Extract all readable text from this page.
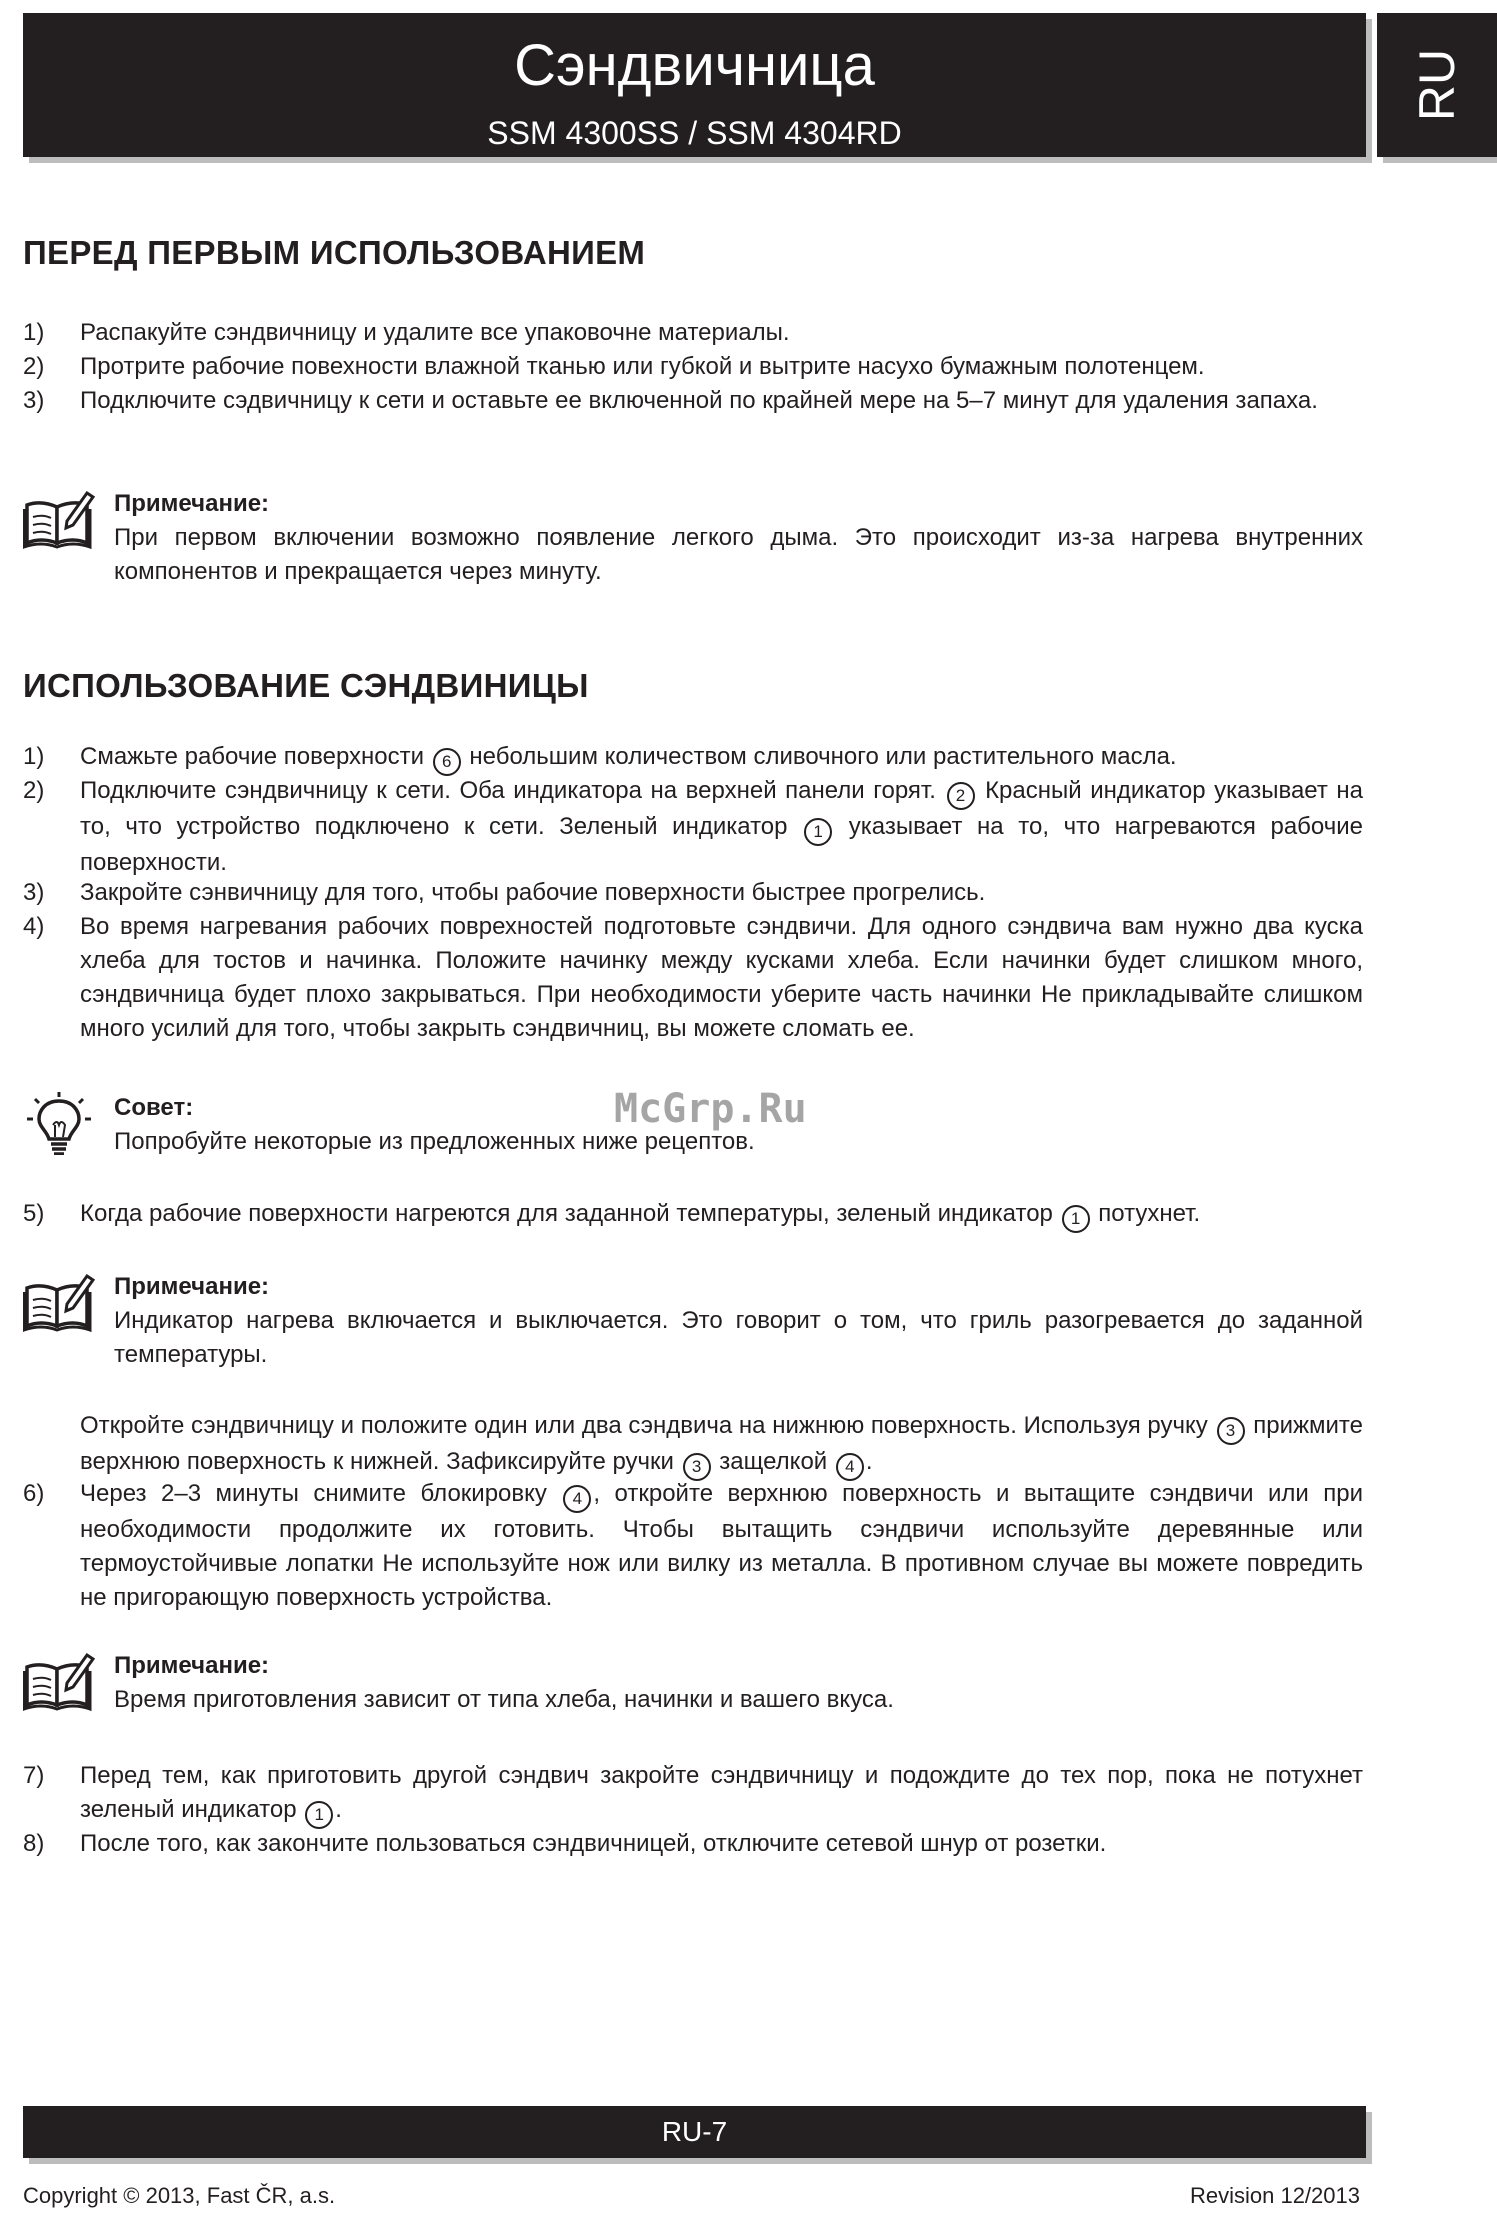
Сэндвичница
SSM 4300SS / SSM 4304RD
RU
ПЕРЕД ПЕРВЫМ ИСПОЛЬЗОВАНИЕМ
1)	Распакуйте сэндвичницу и удалите все упаковочне материалы.
2)	Протрите рабочие повехности влажной тканью или губкой и вытрите насухо бумажным полотенцем.
3)	Подключите сэдвичницу к сети и оставьте ее включенной по крайней мере на 5–7 минут для удаления запаха.
Примечание:
При первом включении возможно появление легкого дыма. Это происходит из-за нагрева внутренних компонентов и прекращается через минуту.
ИСПОЛЬЗОВАНИЕ СЭНДВИНИЦЫ
1)	Смажьте рабочие поверхности 6 небольшим количеством сливочного или растительного масла.
2)	Подключите сэндвичницу к сети. Оба индикатора на верхней панели горят. 2 Красный индикатор указывает на то, что устройство подключено к сети. Зеленый индикатор 1 указывает на то, что нагреваются рабочие поверхности.
3)	Закройте сэнвичницу для того, чтобы рабочие поверхности быстрее прогрелись.
4)	Во время нагревания рабочих поврехностей подготовьте сэндвичи. Для одного сэндвича вам нужно два куска хлеба для тостов и начинка. Положите начинку между кусками хлеба. Если начинки будет слишком много, сэндвичница будет плохо закрываться. При необходимости уберите часть начинки Не прикладывайте слишком много усилий для того, чтобы закрыть сэндвичниц, вы можете сломать ее.
Совет:
Попробуйте некоторые из предложенных ниже рецептов.
5)	Когда рабочие поверхности нагреются для заданной температуры, зеленый индикатор 1 потухнет.
Примечание:
Индикатор нагрева включается и выключается. Это говорит о том, что гриль разогревается до заданной температуры.
Откройте сэндвичницу и положите один или два сэндвича на нижнюю поверхность. Используя ручку 3 прижмите верхнюю поверхность к нижней. Зафиксируйте ручки 3 защелкой 4 .
6)	Через 2–3 минуты снимите блокировку 4 , откройте верхнюю поверхность и вытащите сэндвичи или при необходимости продолжите их готовить. Чтобы вытащить сэндвичи используйте деревянные или термоустойчивые лопатки Не используйте нож или вилку из металла. В противном случае вы можете повредить не пригорающую поверхность устройства.
Примечание:
Время приготовления зависит от типа хлеба, начинки и вашего вкуса.
7)	Перед тем, как приготовить другой сэндвич закройте сэндвичницу и подождите до тех пор, пока не потухнет зеленый индикатор 1 .
8)	После того, как закончите пользоваться сэндвичницей, отключите сетевой шнур от розетки.
McGrp.Ru
RU-7
Copyright © 2013, Fast ČR, a.s.	Revision 12/2013
